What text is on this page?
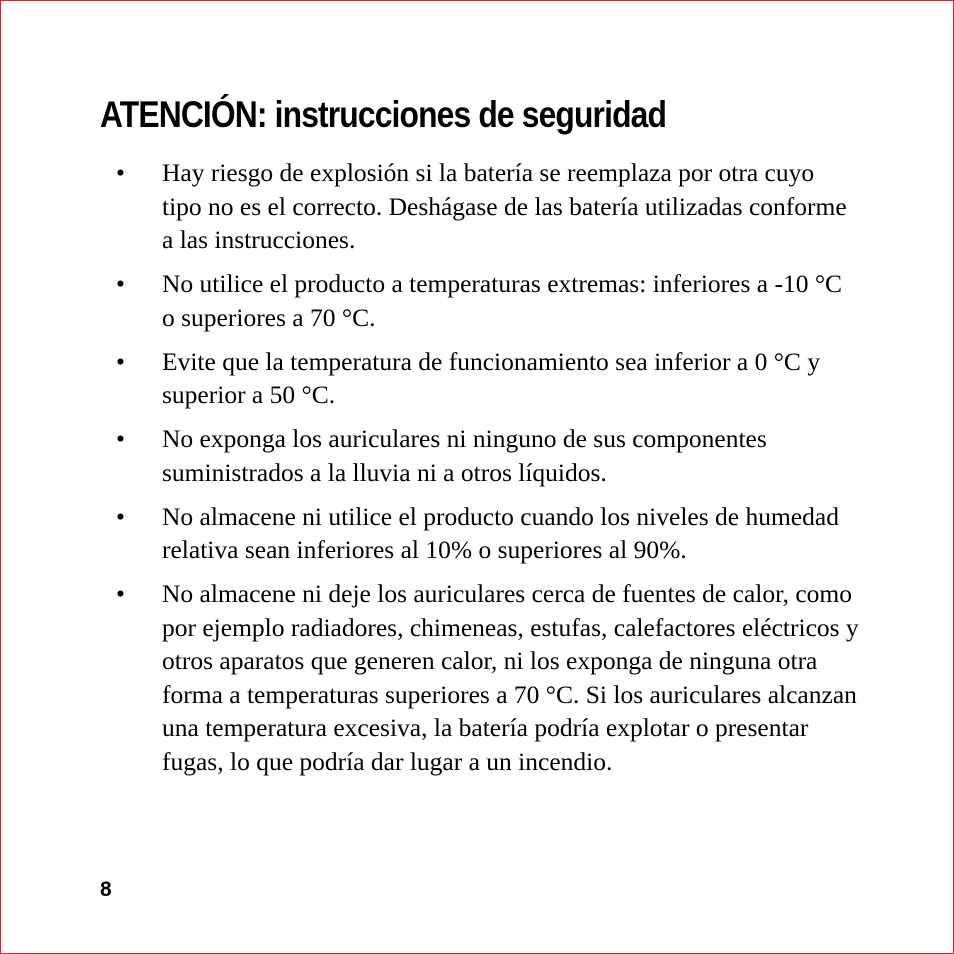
ATENCIÓN: instrucciones de seguridad
• Hay riesgo de explosión si la batería se reemplaza por otra cuyo tipo no es el correcto. Deshágase de las batería utilizadas conforme a las instrucciones.
• No utilice el producto a temperaturas extremas: inferiores a -10 °C o superiores a 70 °C.
• Evite que la temperatura de funcionamiento sea inferior a 0 °C y superior a 50 °C.
• No exponga los auriculares ni ninguno de sus componentes suministrados a la lluvia ni a otros líquidos.
• No almacene ni utilice el producto cuando los niveles de humedad relativa sean inferiores al 10% o superiores al 90%.
• No almacene ni deje los auriculares cerca de fuentes de calor, como por ejemplo radiadores, chimeneas, estufas, calefactores eléctricos y otros aparatos que generen calor, ni los exponga de ninguna otra forma a temperaturas superiores a 70 °C. Si los auriculares alcanzan una temperatura excesiva, la batería podría explotar o presentar fugas, lo que podría dar lugar a un incendio.
8
